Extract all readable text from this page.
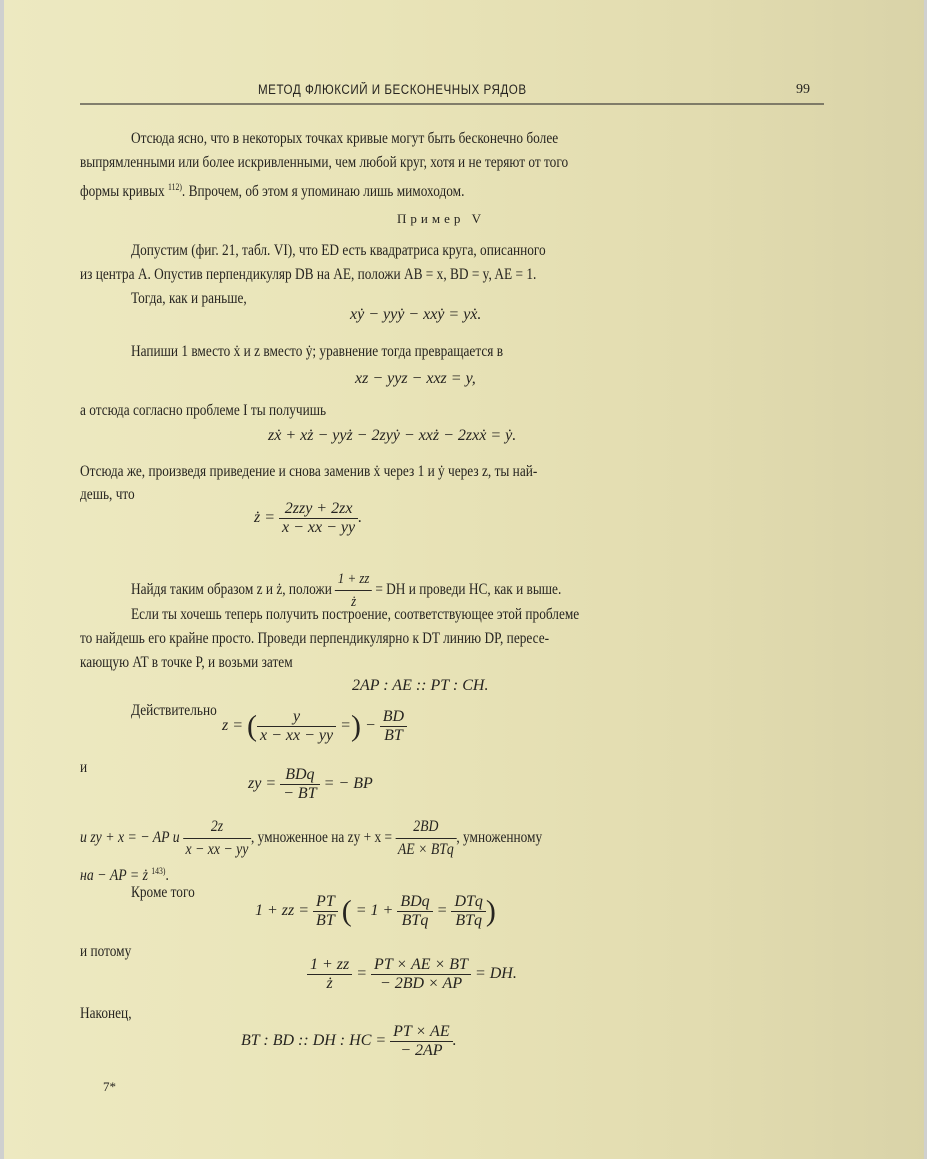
МЕТОД ФЛЮКСИЙ И БЕСКОНЕЧНЫХ РЯДОВ	99
Отсюда ясно, что в некоторых точках кривые могут быть бесконечно более
выпрямленными или более искривленными, чем любой круг, хотя и не теряют от того
формы кривых $^{112)}$. Впрочем, об этом я упоминаю лишь мимоходом.
Пример V
Допустим (фиг. 21, табл. VI), что ED есть квадратриса круга, описанного
из центра A. Опустив перпендикуляр DB на AE, положи AB = x, BD = y, AE = 1.
Тогда, как и раньше,
xẏ − yyẏ − xxẏ = yẋ.
Напиши 1 вместо ẋ и z вместо ẏ; уравнение тогда превращается в
xz − yyz − xxz = y,
а отсюда согласно проблеме I ты получишь
zẋ + xż − yyż − 2zyẏ − xxż − 2zxẋ = ẏ.
Отсюда же, произведя приведение и снова заменив ẋ через 1 и ẏ через z, ты най-
дешь, что
ż = $\frac{\text{2zzy + 2zx}}{x - xx - yy}$ .
Найдя таким образом z и ż, положи $\frac{1 + zz}{ż}$ = DH и проведи HC, как и выше.
Если ты хочешь теперь получить построение, соответствующее этой проблеме
то найдешь его крайне просто. Проведи перпендикулярно к DT линию DP, пересе-
кающую AT в точке P, и возьми затем
2AP : AE :: PT : CH.
Действительно
z = ( $\frac{y}{x - xx - yy}$ =) − $\frac{BD}{BT}$
и
zy = $\frac{\text{BDq}}{- BT}$ = − BP
и zy + x = − AP и $\frac{2z}{x - xx - yy}$ , умноженное на zy + $x = \frac{2BD}{\text{AE × BTq}}$ , умноженному
на − AP = ż $^{143)}$.
Кроме того
1 + zz = $\frac{PT}{BT}$ ( = $1 + \frac{\text{BDq}}{\text{BTq}} = \frac{\text{DTq}}{\text{BTq}}$ )
и потому
$\frac{1 + zz}{ż} = \frac{PT \times AE \times BT}{- 2BD \times AP}$ = DH.
Наконец,
BT : BD :: DH : HC = $\frac{PT \times AE}{- 2AP}$ .
7*
